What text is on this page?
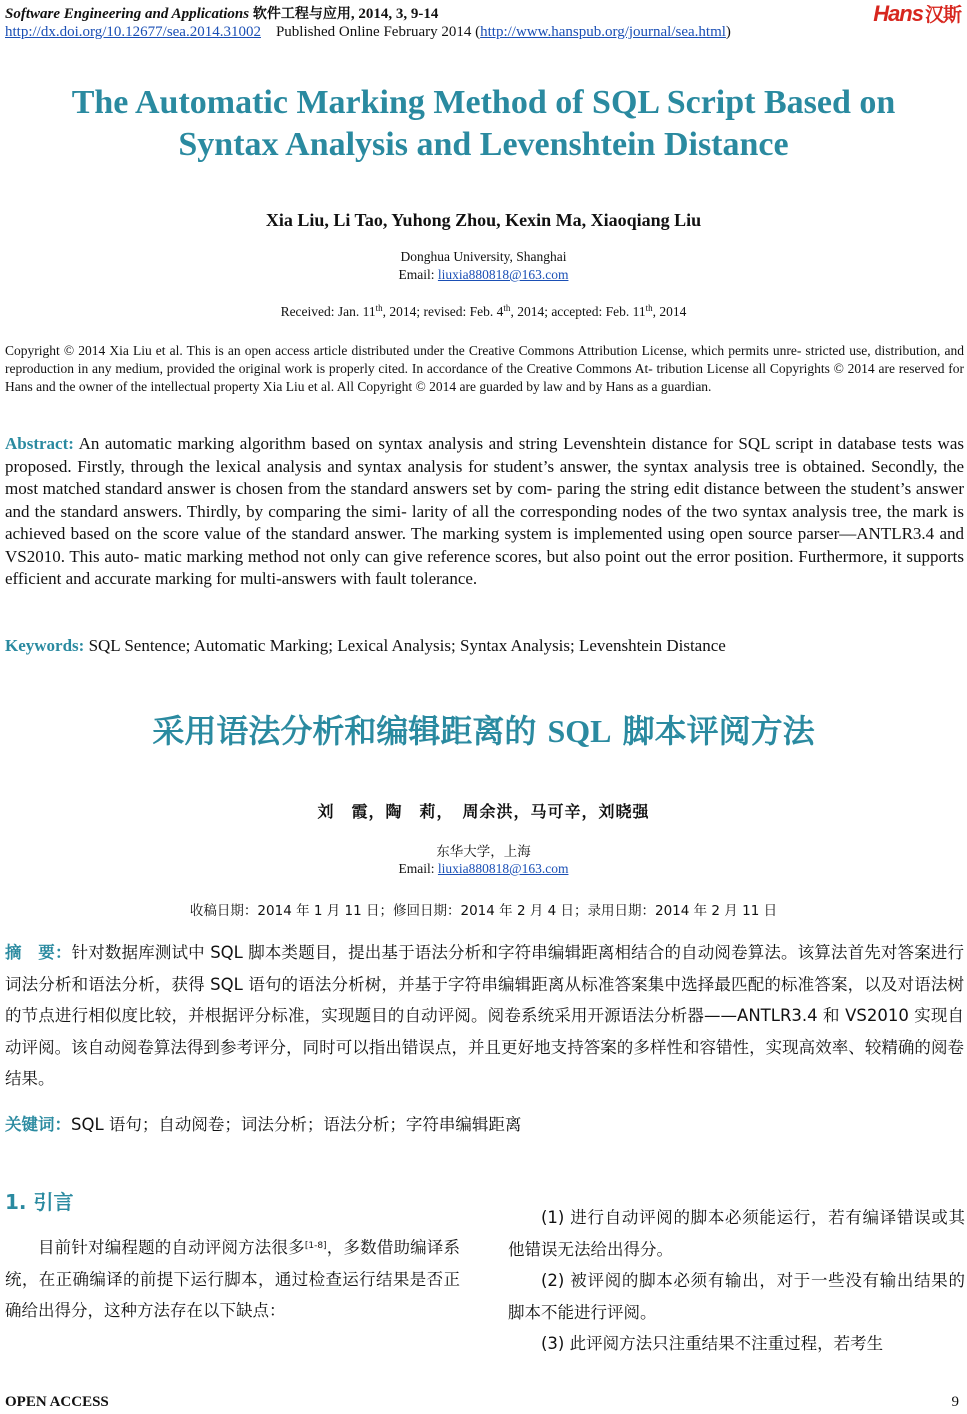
Software Engineering and Applications 软件工程与应用, 2014, 3, 9-14	Hans 汉斯
http://dx.doi.org/10.12677/sea.2014.31002 Published Online February 2014 (http://www.hanspub.org/journal/sea.html)
The Automatic Marking Method of SQL Script Based on
Syntax Analysis and Levenshtein Distance
Xia Liu, Li Tao, Yuhong Zhou, Kexin Ma, Xiaoqiang Liu
Donghua University, Shanghai
Email: liuxia880818@163.com
Received: Jan. 11th, 2014; revised: Feb. 4th, 2014; accepted: Feb. 11th, 2014
Copyright © 2014 Xia Liu et al. This is an open access article distributed under the Creative Commons Attribution License, which permits unre- stricted use, distribution, and reproduction in any medium, provided the original work is properly cited. In accordance of the Creative Commons At- tribution License all Copyrights © 2014 are reserved for Hans and the owner of the intellectual property Xia Liu et al. All Copyright © 2014 are guarded by law and by Hans as a guardian.
Abstract: An automatic marking algorithm based on syntax analysis and string Levenshtein distance for SQL script in database tests was proposed. Firstly, through the lexical analysis and syntax analysis for student’s answer, the syntax analysis tree is obtained. Secondly, the most matched standard answer is chosen from the standard answers set by com- paring the string edit distance between the student’s answer and the standard answers. Thirdly, by comparing the simi- larity of all the corresponding nodes of the two syntax analysis tree, the mark is achieved based on the score value of the standard answer. The marking system is implemented using open source parser—ANTLR3.4 and VS2010. This auto- matic marking method not only can give reference scores, but also point out the error position. Furthermore, it supports efficient and accurate marking for multi-answers with fault tolerance.
Keywords: SQL Sentence; Automatic Marking; Lexical Analysis; Syntax Analysis; Levenshtein Distance
采用语法分析和编辑距离的 SQL 脚本评阅方法
刘　霞，陶　莉，　周余洪，马可辛，刘晓强
东华大学，上海
Email: liuxia880818@163.com
收稿日期：2014 年 1 月 11 日；修回日期：2014 年 2 月 4 日；录用日期：2014 年 2 月 11 日
摘　要：针对数据库测试中 SQL 脚本类题目，提出基于语法分析和字符串编辑距离相结合的自动阅卷算法。该算法首先对答案进行词法分析和语法分析，获得 SQL 语句的语法分析树，并基于字符串编辑距离从标准答案集中选择最匹配的标准答案，以及对语法树的节点进行相似度比较，并根据评分标准，实现题目的自动评阅。阅卷系统采用开源语法分析器——ANTLR3.4 和 VS2010 实现自动评阅。该自动阅卷算法得到参考评分，同时可以指出错误点，并且更好地支持答案的多样性和容错性，实现高效率、较精确的阅卷结果。
关键词：SQL 语句；自动阅卷；词法分析；语法分析；字符串编辑距离
1. 引言

目前针对编程题的自动评阅方法很多[1-8]，多数借助编译系统，在正确编译的前提下运行脚本，通过检查运行结果是否正确给出得分，这种方法存在以下缺点：

(1) 进行自动评阅的脚本必须能运行，若有编译错误或其他错误无法给出得分。

(2) 被评阅的脚本必须有输出，对于一些没有输出结果的脚本不能进行评阅。

(3) 此评阅方法只注重结果不注重过程，若考生

OPEN ACCESS	9
